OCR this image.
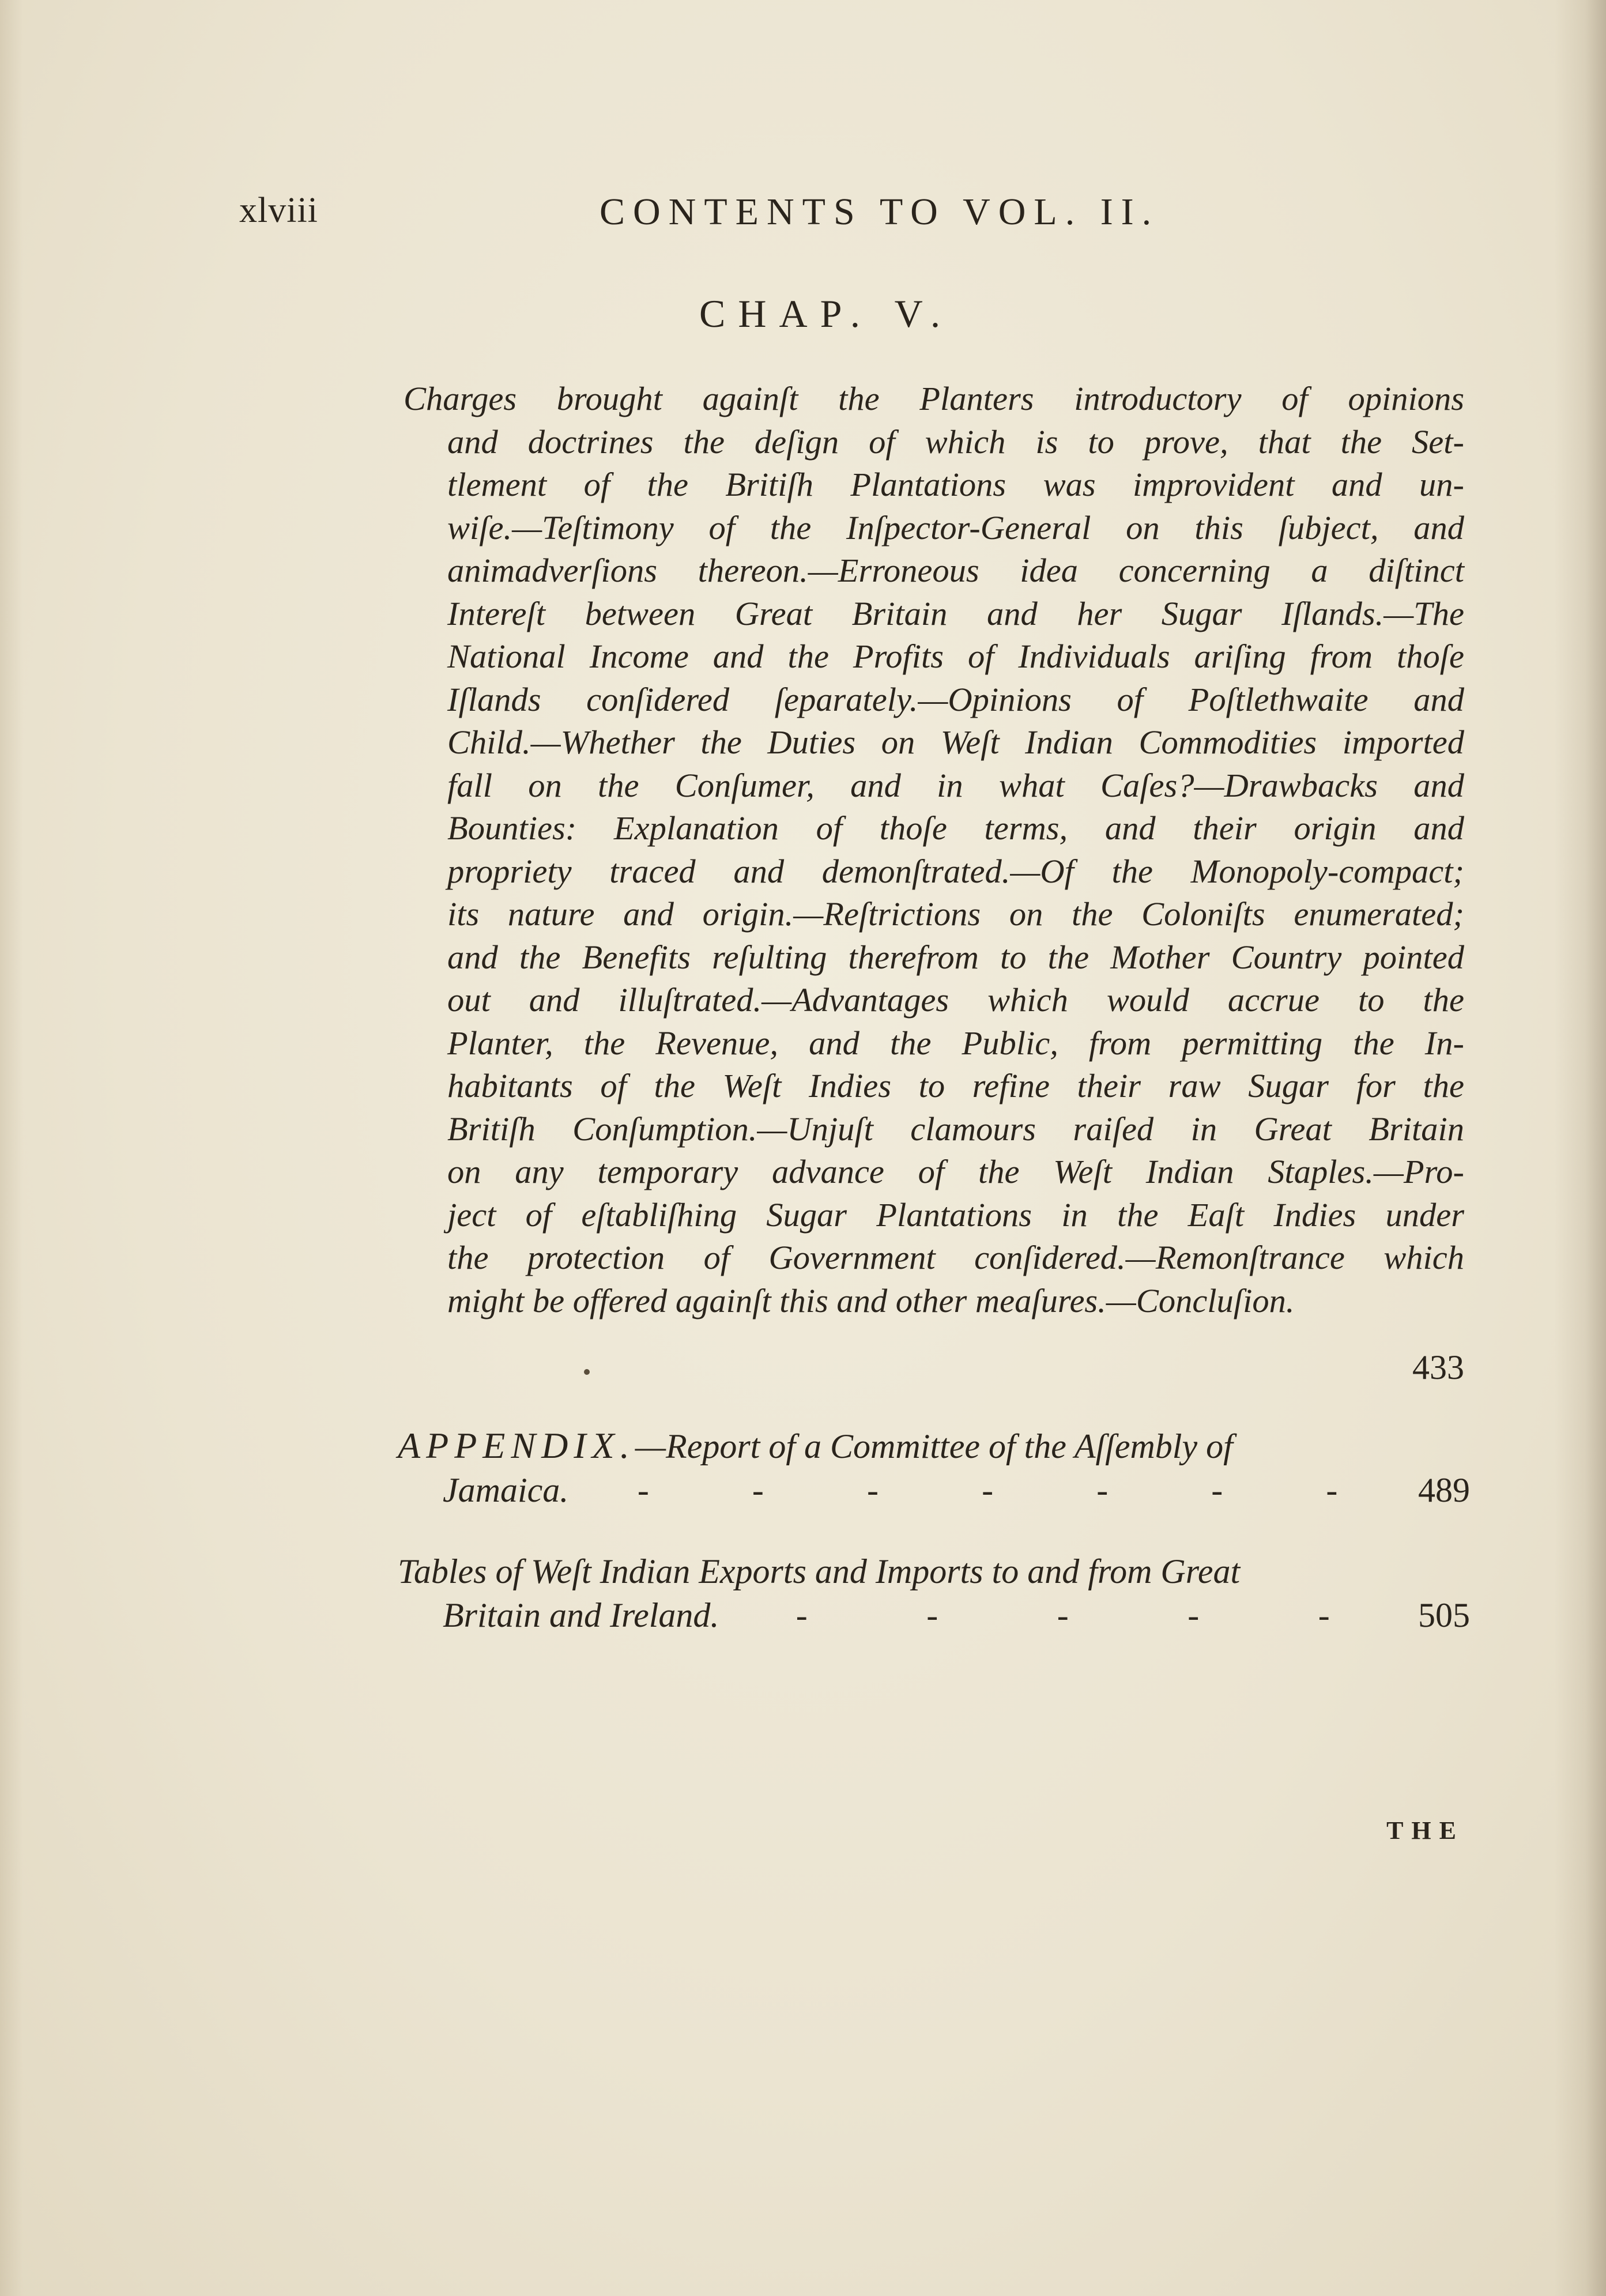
xlviii	CONTENTS TO VOL. II.
CHAP. V.

Charges brought againſt the Planters introductory of opinions
and doctrines the deſign of which is to prove, that the Set-
tlement of the Britiſh Plantations was improvident and un-
wiſe.—Teſtimony of the Inſpector-General on this ſubject, and
animadverſions thereon.—Erroneous idea concerning a diſtinct
Intereſt between Great Britain and her Sugar Iſlands.—The
National Income and the Profits of Individuals ariſing from thoſe
Iſlands conſidered ſeparately.—Opinions of Poſtlethwaite and
Child.—Whether the Duties on Weſt Indian Commodities imported
fall on the Conſumer, and in what Caſes?—Drawbacks and
Bounties: Explanation of thoſe terms, and their origin and
propriety traced and demonſtrated.—Of the Monopoly-compact;
its nature and origin.—Reſtrictions on the Coloniſts enumerated;
and the Benefits reſulting therefrom to the Mother Country pointed
out and illuſtrated.—Advantages which would accrue to the
Planter, the Revenue, and the Public, from permitting the In-
habitants of the Weſt Indies to refine their raw Sugar for the
Britiſh Conſumption.—Unjuſt clamours raiſed in Great Britain
on any temporary advance of the Weſt Indian Staples.—Pro-
ject of eſtabliſhing Sugar Plantations in the Eaſt Indies under
the protection of Government conſidered.—Remonſtrance which
might be offered againſt this and other meaſures.—Concluſion.

433
APPENDIX.—Report of a Committee of the Aſſembly of
Jamaica. -	-	-	-	-	-	-	489
Tables of Weſt Indian Exports and Imports to and from Great
Britain and Ireland. -	-	-	-	-	505
THE
